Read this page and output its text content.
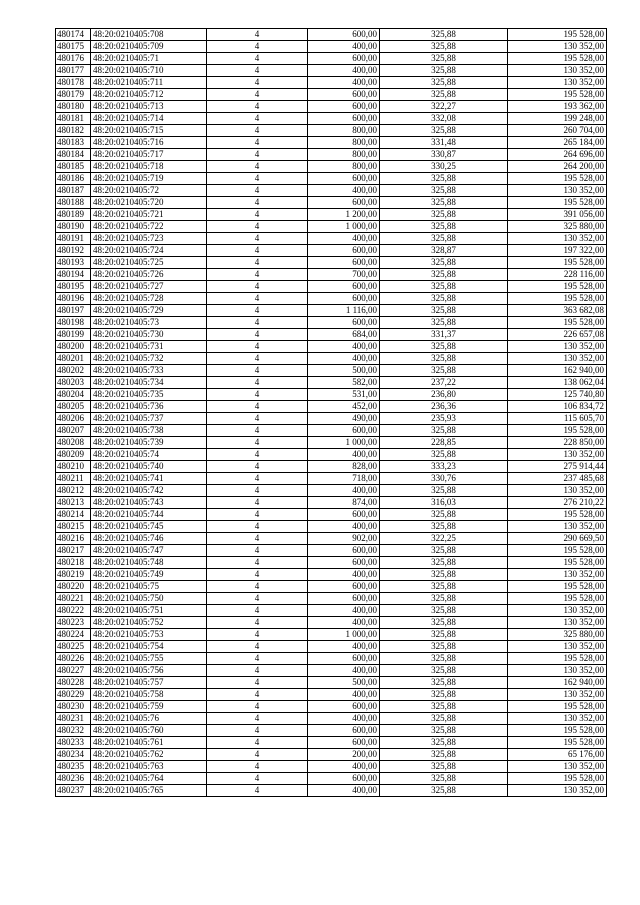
480174	48:20:0210405:708	4	600,00	325,88	195 528,00
480175	48:20:0210405:709	4	400,00	325,88	130 352,00
480176	48:20:0210405:71	4	600,00	325,88	195 528,00
480177	48:20:0210405:710	4	400,00	325,88	130 352,00
480178	48:20:0210405:711	4	400,00	325,88	130 352,00
480179	48:20:0210405:712	4	600,00	325,88	195 528,00
480180	48:20:0210405:713	4	600,00	322,27	193 362,00
480181	48:20:0210405:714	4	600,00	332,08	199 248,00
480182	48:20:0210405:715	4	800,00	325,88	260 704,00
480183	48:20:0210405:716	4	800,00	331,48	265 184,00
480184	48:20:0210405:717	4	800,00	330,87	264 696,00
480185	48:20:0210405:718	4	800,00	330,25	264 200,00
480186	48:20:0210405:719	4	600,00	325,88	195 528,00
480187	48:20:0210405:72	4	400,00	325,88	130 352,00
480188	48:20:0210405:720	4	600,00	325,88	195 528,00
480189	48:20:0210405:721	4	1 200,00	325,88	391 056,00
480190	48:20:0210405:722	4	1 000,00	325,88	325 880,00
480191	48:20:0210405:723	4	400,00	325,88	130 352,00
480192	48:20:0210405:724	4	600,00	328,87	197 322,00
480193	48:20:0210405:725	4	600,00	325,88	195 528,00
480194	48:20:0210405:726	4	700,00	325,88	228 116,00
480195	48:20:0210405:727	4	600,00	325,88	195 528,00
480196	48:20:0210405:728	4	600,00	325,88	195 528,00
480197	48:20:0210405:729	4	1 116,00	325,88	363 682,08
480198	48:20:0210405:73	4	600,00	325,88	195 528,00
480199	48:20:0210405:730	4	684,00	331,37	226 657,08
480200	48:20:0210405:731	4	400,00	325,88	130 352,00
480201	48:20:0210405:732	4	400,00	325,88	130 352,00
480202	48:20:0210405:733	4	500,00	325,88	162 940,00
480203	48:20:0210405:734	4	582,00	237,22	138 062,04
480204	48:20:0210405:735	4	531,00	236,80	125 740,80
480205	48:20:0210405:736	4	452,00	236,36	106 834,72
480206	48:20:0210405:737	4	490,00	235,93	115 605,70
480207	48:20:0210405:738	4	600,00	325,88	195 528,00
480208	48:20:0210405:739	4	1 000,00	228,85	228 850,00
480209	48:20:0210405:74	4	400,00	325,88	130 352,00
480210	48:20:0210405:740	4	828,00	333,23	275 914,44
480211	48:20:0210405:741	4	718,00	330,76	237 485,68
480212	48:20:0210405:742	4	400,00	325,88	130 352,00
480213	48:20:0210405:743	4	874,00	316,03	276 210,22
480214	48:20:0210405:744	4	600,00	325,88	195 528,00
480215	48:20:0210405:745	4	400,00	325,88	130 352,00
480216	48:20:0210405:746	4	902,00	322,25	290 669,50
480217	48:20:0210405:747	4	600,00	325,88	195 528,00
480218	48:20:0210405:748	4	600,00	325,88	195 528,00
480219	48:20:0210405:749	4	400,00	325,88	130 352,00
480220	48:20:0210405:75	4	600,00	325,88	195 528,00
480221	48:20:0210405:750	4	600,00	325,88	195 528,00
480222	48:20:0210405:751	4	400,00	325,88	130 352,00
480223	48:20:0210405:752	4	400,00	325,88	130 352,00
480224	48:20:0210405:753	4	1 000,00	325,88	325 880,00
480225	48:20:0210405:754	4	400,00	325,88	130 352,00
480226	48:20:0210405:755	4	600,00	325,88	195 528,00
480227	48:20:0210405:756	4	400,00	325,88	130 352,00
480228	48:20:0210405:757	4	500,00	325,88	162 940,00
480229	48:20:0210405:758	4	400,00	325,88	130 352,00
480230	48:20:0210405:759	4	600,00	325,88	195 528,00
480231	48:20:0210405:76	4	400,00	325,88	130 352,00
480232	48:20:0210405:760	4	600,00	325,88	195 528,00
480233	48:20:0210405:761	4	600,00	325,88	195 528,00
480234	48:20:0210405:762	4	200,00	325,88	65 176,00
480235	48:20:0210405:763	4	400,00	325,88	130 352,00
480236	48:20:0210405:764	4	600,00	325,88	195 528,00
480237	48:20:0210405:765	4	400,00	325,88	130 352,00
